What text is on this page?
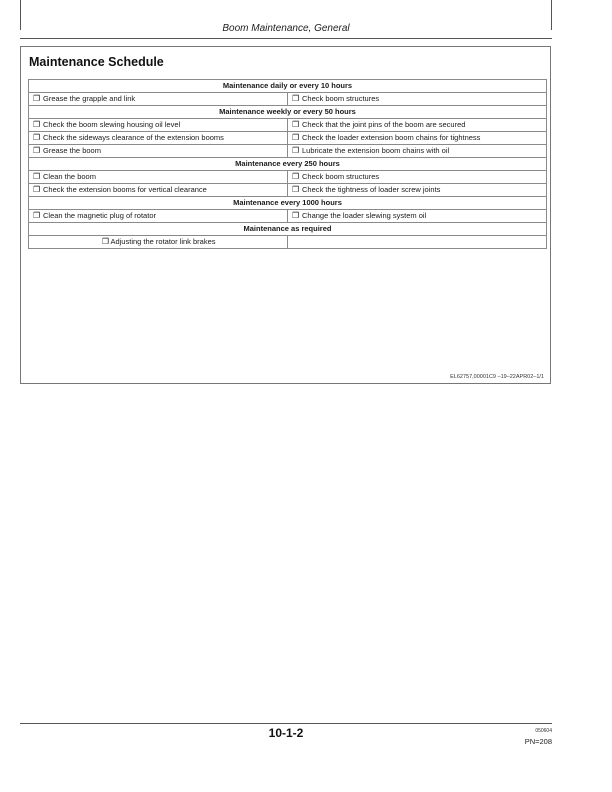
Boom Maintenance, General
Maintenance Schedule
Maintenance daily or every 10 hours	
❐ Grease the grapple and link	❐ Check boom structures
Maintenance weekly or every 50 hours	
❐ Check the boom slewing housing oil level	❐ Check that the joint pins of the boom are secured
❐ Check the sideways clearance of the extension booms	❐ Check the loader extension boom chains for tightness
❐ Grease the boom	❐ Lubricate the extension boom chains with oil
Maintenance every 250 hours	
❐ Clean the boom	❐ Check boom structures
❐ Check the extension booms for vertical clearance	❐ Check the tightness of loader screw joints
Maintenance every 1000 hours	
❐ Clean the magnetic plug of rotator	❐ Change the loader slewing system oil
Maintenance as required	
❐Adjusting the rotator link brakes	
EL62757,00001C9 –19–22APR02–1/1
10-1-2	050604
PN=208
